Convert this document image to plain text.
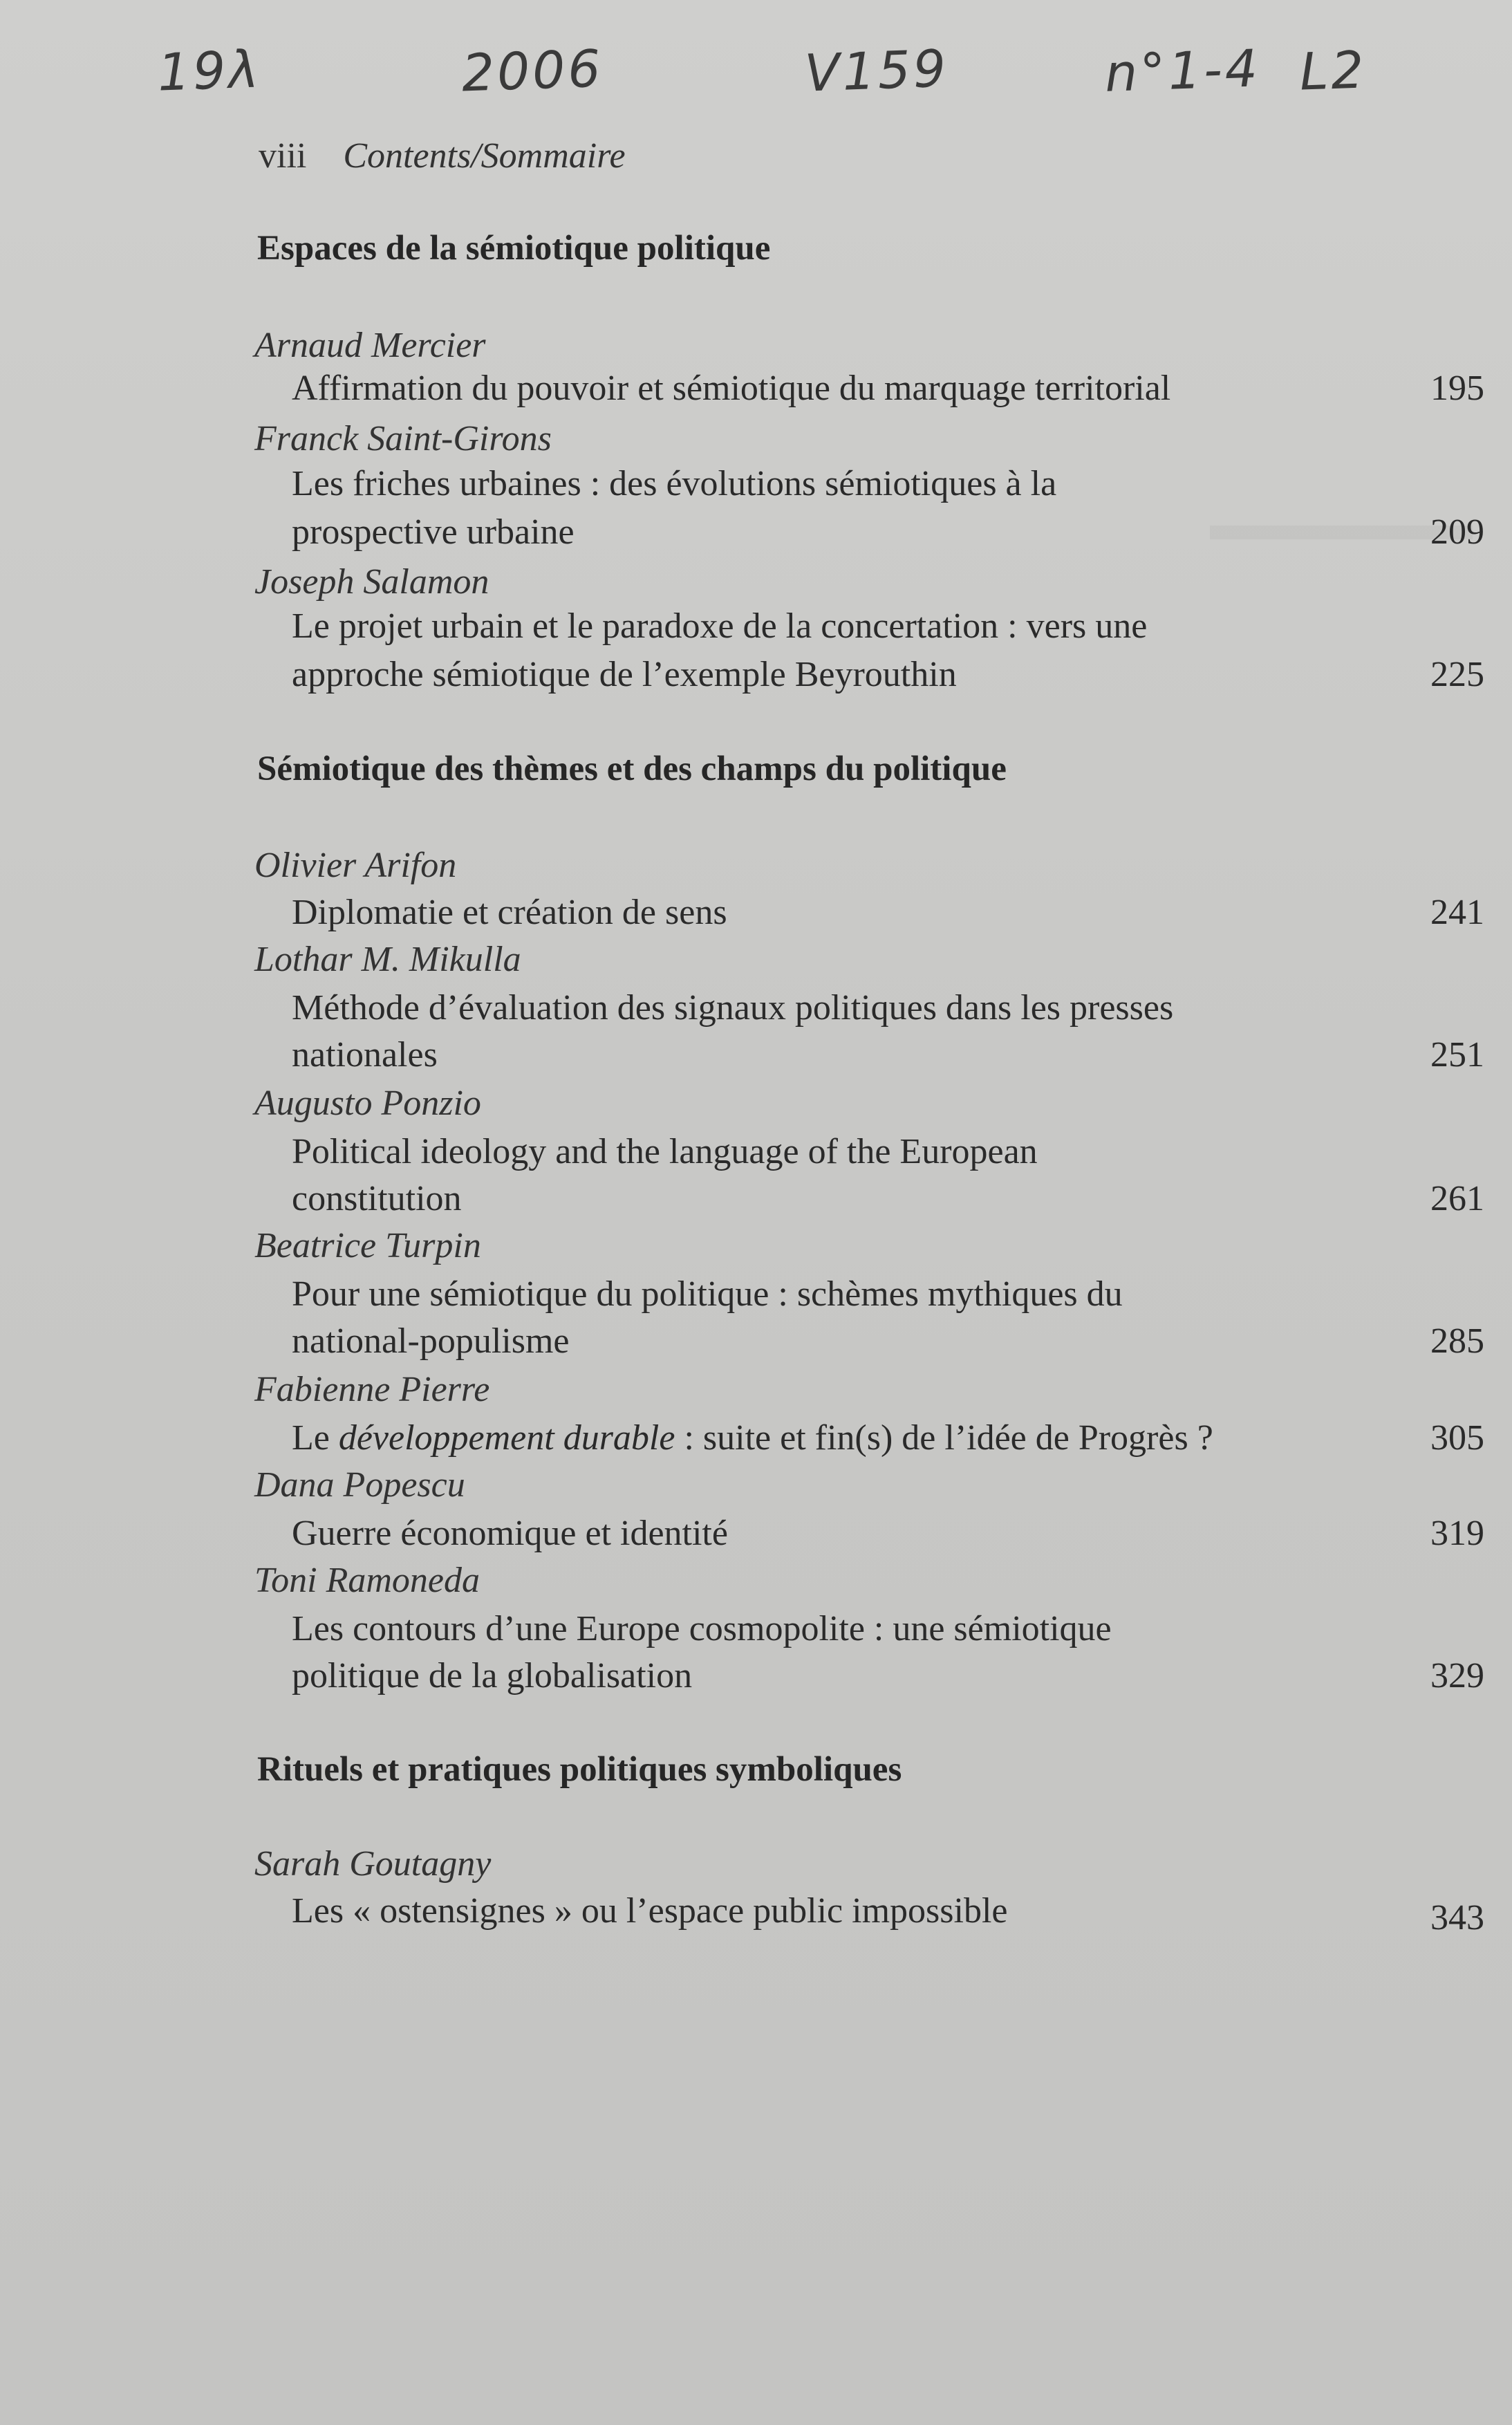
19λ	2006	V159	n°1-4 L2
viii Contents/Sommaire
Espaces de la sémiotique politique
Arnaud Mercier
Affirmation du pouvoir et sémiotique du marquage territorial	195
Franck Saint-Girons
Les friches urbaines : des évolutions sémiotiques à la
prospective urbaine	209
Joseph Salamon
Le projet urbain et le paradoxe de la concertation : vers une
approche sémiotique de l’exemple Beyrouthin	225
Sémiotique des thèmes et des champs du politique
Olivier Arifon
Diplomatie et création de sens	241
Lothar M. Mikulla
Méthode d’évaluation des signaux politiques dans les presses
nationales	251
Augusto Ponzio
Political ideology and the language of the European
constitution	261
Beatrice Turpin
Pour une sémiotique du politique : schèmes mythiques du
national-populisme	285
Fabienne Pierre
Le développement durable : suite et fin(s) de l’idée de Progrès ?	305
Dana Popescu
Guerre économique et identité	319
Toni Ramoneda
Les contours d’une Europe cosmopolite : une sémiotique
politique de la globalisation	329
Rituels et pratiques politiques symboliques
Sarah Goutagny
Les « ostensignes » ou l’espace public impossible	343
